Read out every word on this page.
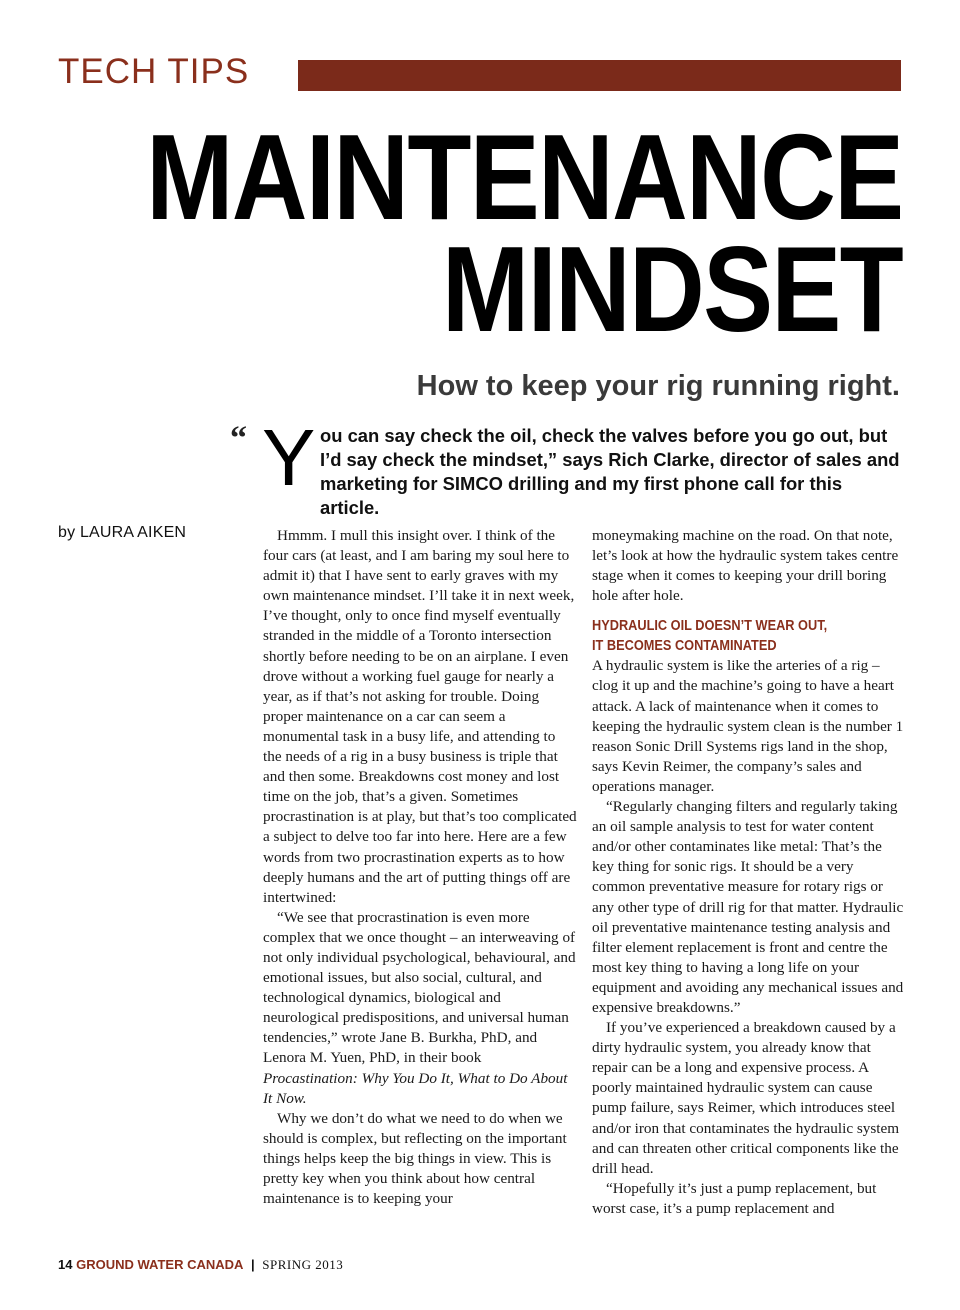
TECH TIPS
MAINTENANCE
MINDSET
How to keep your rig running right.
“ Y ou can say check the oil, check the valves before you go out, but I’d say check the mindset,” says Rich Clarke, director of sales and marketing for SIMCO drilling and my first phone call for this article.
by LAURA AIKEN	Hmmm. I mull this insight over. I think of the four cars (at least, and I am baring my soul here to admit it) that I have sent to early graves with my own maintenance mindset. I’ll take it in next week, I’ve thought, only to once find myself eventually stranded in the middle of a Toronto intersection shortly before needing to be on an airplane. I even drove without a working fuel gauge for nearly a year, as if that’s not asking for trouble. Doing proper maintenance on a car can seem a monumental task in a busy life, and attending to the needs of a rig in a busy business is triple that and then some. Breakdowns cost money and lost time on the job, that’s a given. Sometimes procrastination is at play, but that’s too complicated a subject to delve too far into here. Here are a few words from two procrastination experts as to how deeply humans and the art of putting things off are intertwined:

“We see that procrastination is even more complex that we once thought – an interweaving of not only individual psychological, behavioural, and emotional issues, but also social, cultural, and technological dynamics, biological and neurological predispositions, and universal human tendencies,” wrote Jane B. Burkha, PhD, and Lenora M. Yuen, PhD, in their book Procastination: Why You Do It, What to Do About It Now.

Why we don’t do what we need to do when we should is complex, but reflecting on the important things helps keep the big things in view. This is pretty key when you think about how central maintenance is to keeping your

moneymaking machine on the road. On that note, let’s look at how the hydraulic system takes centre stage when it comes to keeping your drill boring hole after hole.

HYDRAULIC OIL DOESN’T WEAR OUT,
IT BECOMES CONTAMINATED

A hydraulic system is like the arteries of a rig – clog it up and the machine’s going to have a heart attack. A lack of maintenance when it comes to keeping the hydraulic system clean is the number 1 reason Sonic Drill Systems rigs land in the shop, says Kevin Reimer, the company’s sales and operations manager.

“Regularly changing filters and regularly taking an oil sample analysis to test for water content and/or other contaminates like metal: That’s the key thing for sonic rigs. It should be a very common preventative measure for rotary rigs or any other type of drill rig for that matter. Hydraulic oil preventative maintenance testing analysis and filter element replacement is front and centre the most key thing to having a long life on your equipment and avoiding any mechanical issues and expensive breakdowns.”

If you’ve experienced a breakdown caused by a dirty hydraulic system, you already know that repair can be a long and expensive process. A poorly maintained hydraulic system can cause pump failure, says Reimer, which introduces steel and/or iron that contaminates the hydraulic system and can threaten other critical components like the drill head.

“Hopefully it’s just a pump replacement, but worst case, it’s a pump replacement and

14 GROUND WATER CANADA | SPRING 2013
